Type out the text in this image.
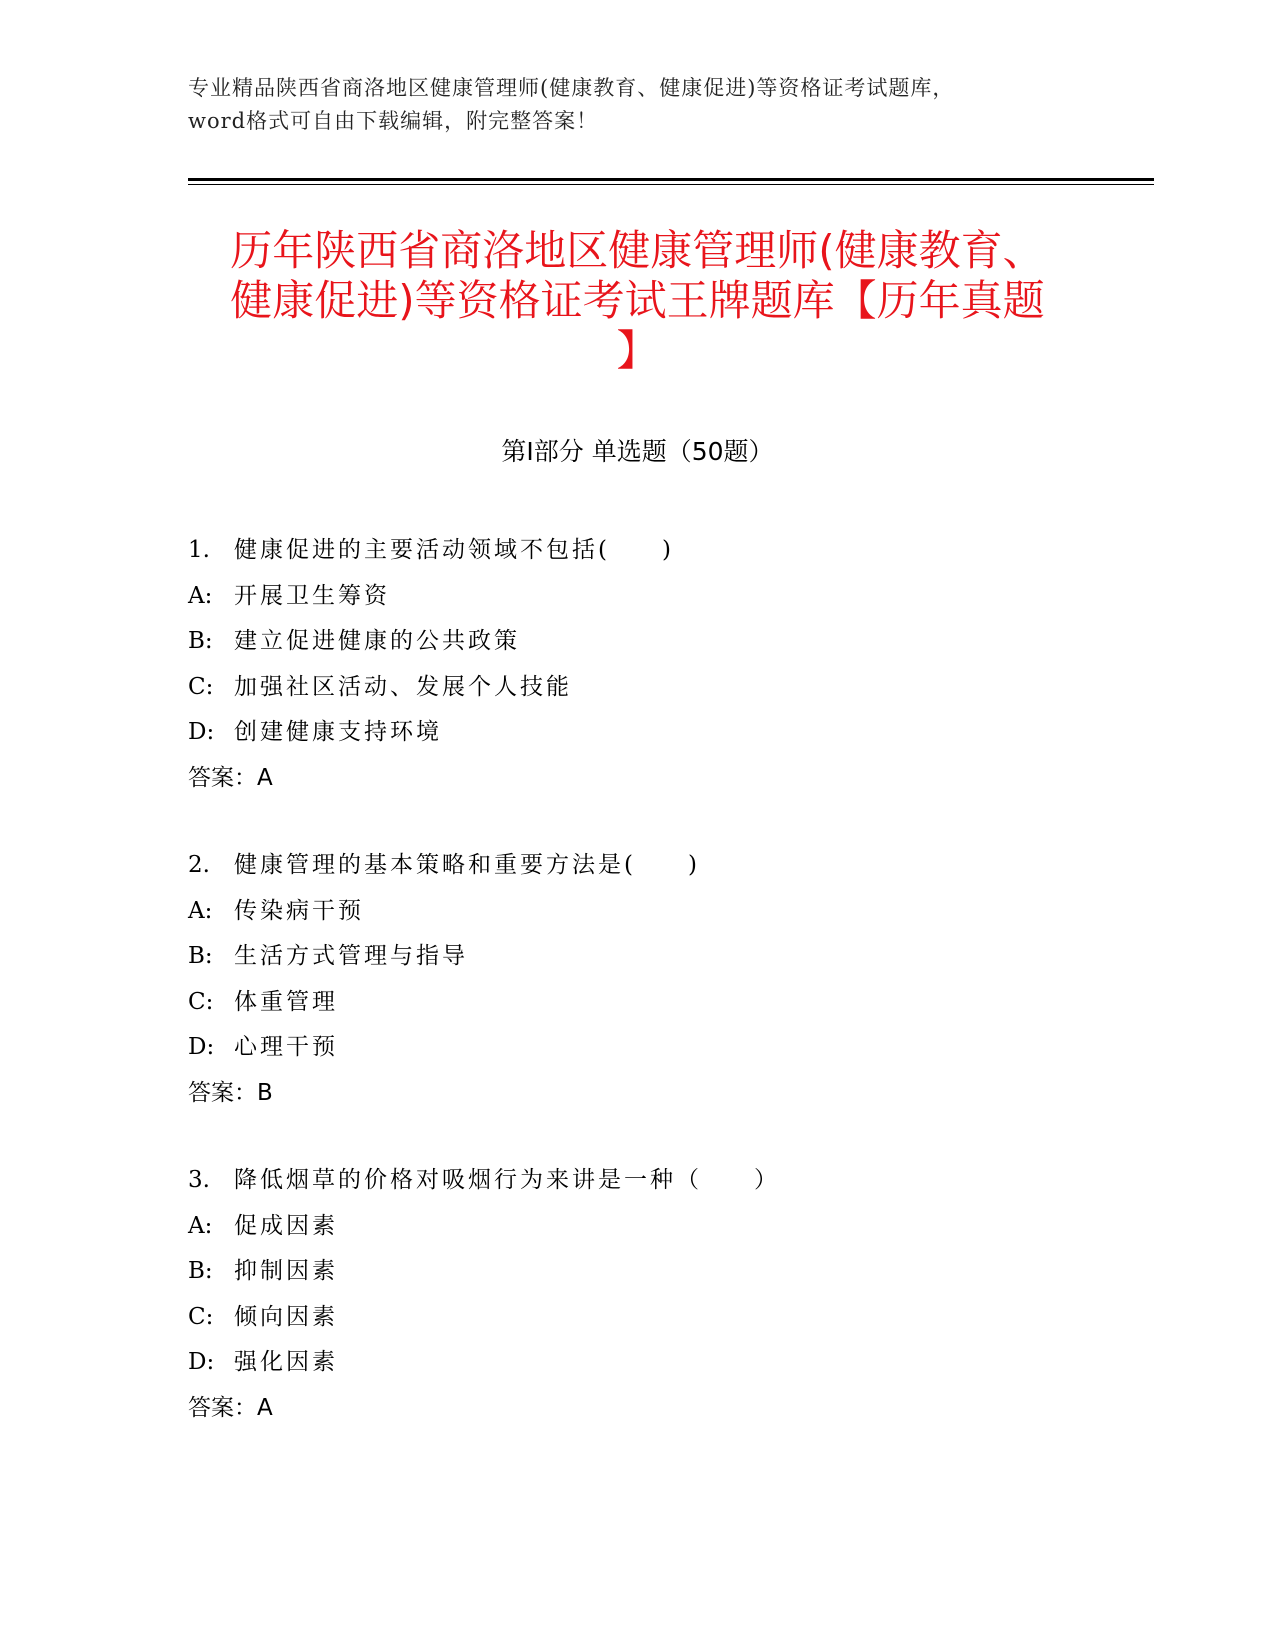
专业精品陕西省商洛地区健康管理师(健康教育、健康促进)等资格证考试题库，
word格式可自由下载编辑，附完整答案！
历年陕西省商洛地区健康管理师(健康教育、
健康促进)等资格证考试王牌题库【历年真题
】
第Ⅰ部分 单选题（50题）
1. 健康促进的主要活动领域不包括(　　)
A: 开展卫生筹资
B: 建立促进健康的公共政策
C: 加强社区活动、发展个人技能
D: 创建健康支持环境
答案：A
2. 健康管理的基本策略和重要方法是(　　)
A: 传染病干预
B: 生活方式管理与指导
C: 体重管理
D: 心理干预
答案：B
3. 降低烟草的价格对吸烟行为来讲是一种（　　）
A: 促成因素
B: 抑制因素
C: 倾向因素
D: 强化因素
答案：A
